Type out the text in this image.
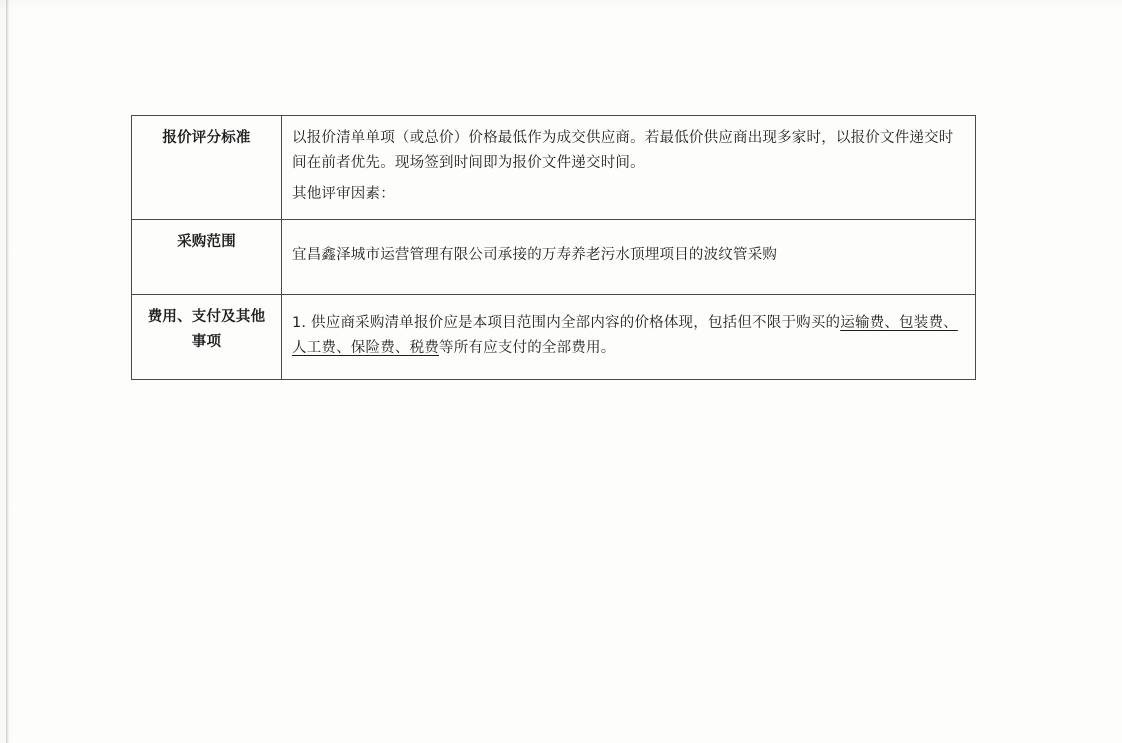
报价评分标准	以报价清单单项（或总价）价格最低作为成交供应商。若最低价供应商出现多家时，以报价文件递交时间在前者优先。现场签到时间即为报价文件递交时间。

其他评审因素：

采购范围	宜昌鑫泽城市运营管理有限公司承接的万寿养老污水顶埋项目的波纹管采购

费用、支付及其他事项	1. 供应商采购清单报价应是本项目范围内全部内容的价格体现，包括但不限于购买的运输费、包装费、人工费、保险费、税费等所有应支付的全部费用。
